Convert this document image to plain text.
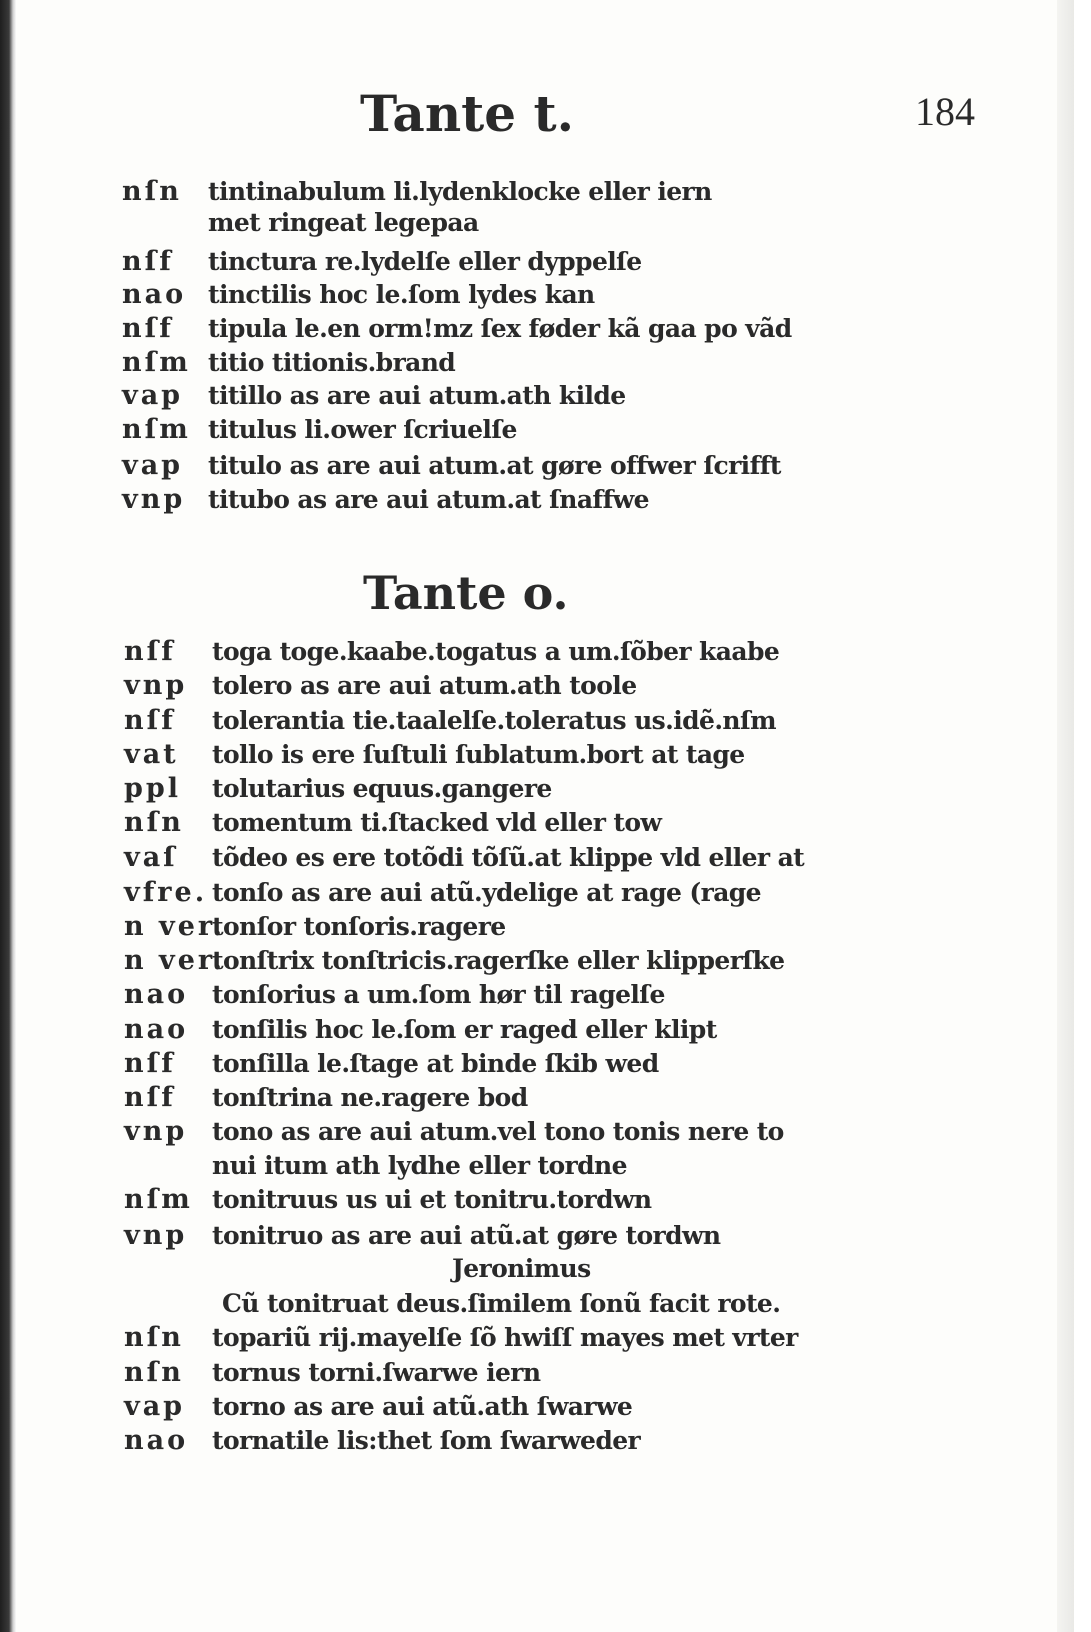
184
Tante t.
Tante o.
nſn tintinabulum li.lydenklocke eller iern
met ringeat legepaa
nſf tinctura re.lydelſe eller dyppelſe
nao tinctilis hoc le.ſom lydes kan
nſf tipula le.en orm!mz ſex føder kã gaa po vãd
nſm titio titionis.brand
vap titillo as are aui atum.ath kilde
nſm titulus li.ower ſcriuelſe
vap titulo as are aui atum.at gøre offwer ſcrifft
vnp titubo as are aui atum.at ſnaffwe
nſf toga toge.kaabe.togatus a um.ſõber kaabe
vnp tolero as are aui atum.ath toole
nſf tolerantia tie.taalelſe.toleratus us.idẽ.nſm
vat tollo is ere ſuſtuli ſublatum.bort at tage
ppl tolutarius equus.gangere
nſn tomentum ti.ſtacked vld eller tow
vaſ tõdeo es ere totõdi tõſũ.at klippe vld eller at
vfre. tonſo as are aui atũ.ydelige at rage (rage
n ver.
tonſor tonſoris.ragere
n ver.
tonſtrix tonſtricis.ragerſke eller klipperſke
nao tonſorius a um.ſom hør til ragelſe
nao tonſilis hoc le.ſom er raged eller klipt
nſf tonſilla le.ſtage at binde ſkib wed
nſf tonſtrina ne.ragere bod
vnp tono as are aui atum.vel tono tonis nere to
nui itum ath lydhe eller tordne
nſm tonitruus us ui et tonitru.tordwn
vnp tonitruo as are aui atũ.at gøre tordwn
Jeronimus
Cũ tonitruat deus.ſimilem ſonũ facit rote.
nſn topariũ rij.mayelſe ſõ hwiſſ mayes met vrter
nſn tornus torni.ſwarwe iern
vap torno as are aui atũ.ath ſwarwe
nao tornatile lis:thet ſom ſwarweder
